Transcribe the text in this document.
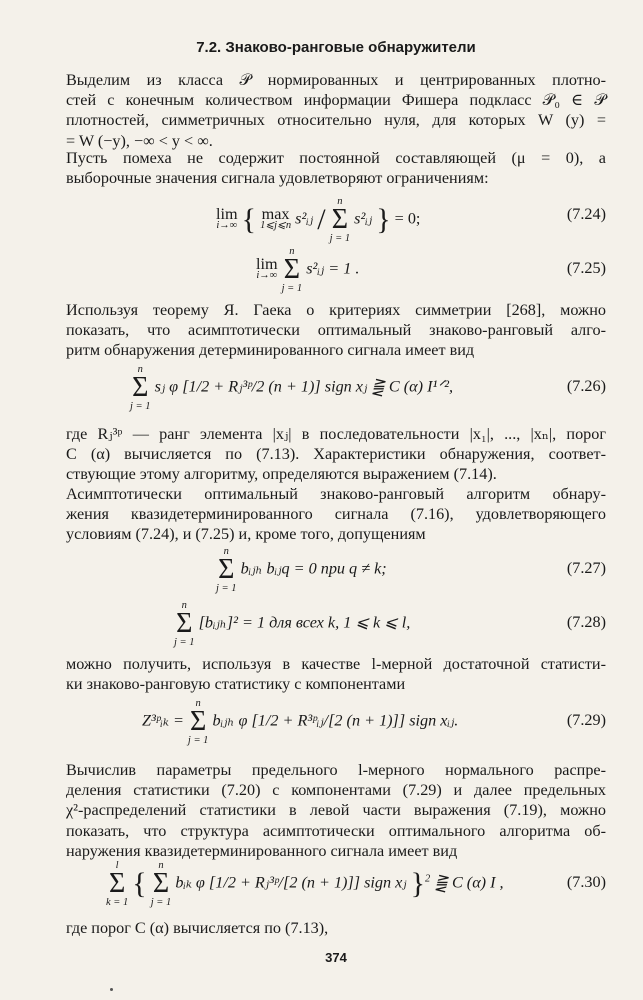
7.2. Знаково-ранговые обнаружители
Выделим из класса 𝒫 нормированных и центрированных плотно-
стей с конечным количеством информации Фишера подкласс 𝒫₀ ∈ 𝒫
плотностей, симметричных относительно нуля, для которых W (y) =
= W (−y), −∞ < y < ∞.
Пусть помеха не содержит постоянной составляющей (μ = 0), а
выборочные значения сигнала удовлетворяют ограничениям:
lim
i→∞ { max
1⩽j⩽n s²ᵢⱼ /
n
Σ
j = 1
s²ᵢⱼ } = 0;	(7.24)
lim
i→∞

n
Σ
j = 1
s²ᵢⱼ = 1 .	(7.25)
Используя теорему Я. Гаека о критериях симметрии [268], можно
показать, что асимптотически оптимальный знаково-ранговый алго-
ритм обнаружения детерминированного сигнала имеет вид
n
Σ
j = 1
sⱼ φ [1/2 + Rⱼ³ᵖ/2 (n + 1)] sign xⱼ ⪌ C (α) I¹ᐟ²,	(7.26)
где Rⱼ³ᵖ — ранг элемента |xⱼ| в последовательности |x₁|, ..., |xₙ|, порог
C (α) вычисляется по (7.13). Характеристики обнаружения, соответ-
ствующие этому алгоритму, определяются выражением (7.14).
Асимптотически оптимальный знаково-ранговый алгоритм обнару-
жения квазидетерминированного сигнала (7.16), удовлетворяющего
условиям (7.24), и (7.25) и, кроме того, допущениям
n
Σ
j = 1
bᵢⱼₕ bᵢⱼq = 0 при q ≠ k;	(7.27)
n
Σ
j = 1
[bᵢⱼₕ]² = 1 для всех k, 1 ⩽ k ⩽ l,	(7.28)
можно получить, используя в качестве l-мерной достаточной статисти-
ки знаково-ранговую статистику с компонентами
Z³ᵖᵢₖ =
n
Σ
j = 1
bᵢⱼₕ φ [1/2 + R³ᵖᵢⱼ/[2 (n + 1)]] sign xᵢⱼ.	(7.29)
Вычислив параметры предельного l-мерного нормального распре-
деления статистики (7.20) с компонентами (7.29) и далее предельных
χ²-распределений статистики в левой части выражения (7.19), можно
показать, что структура асимптотически оптимального алгоритма об-
наружения квазидетерминированного сигнала имеет вид
l
Σ
k = 1
{
n
Σ
j = 1
bᵢₖ φ [1/2 + Rⱼ³ᵖ/[2 (n + 1)]] sign xⱼ }$^2$ ⪌ C (α) I ,	(7.30)
где порог C (α) вычисляется по (7.13),
374
